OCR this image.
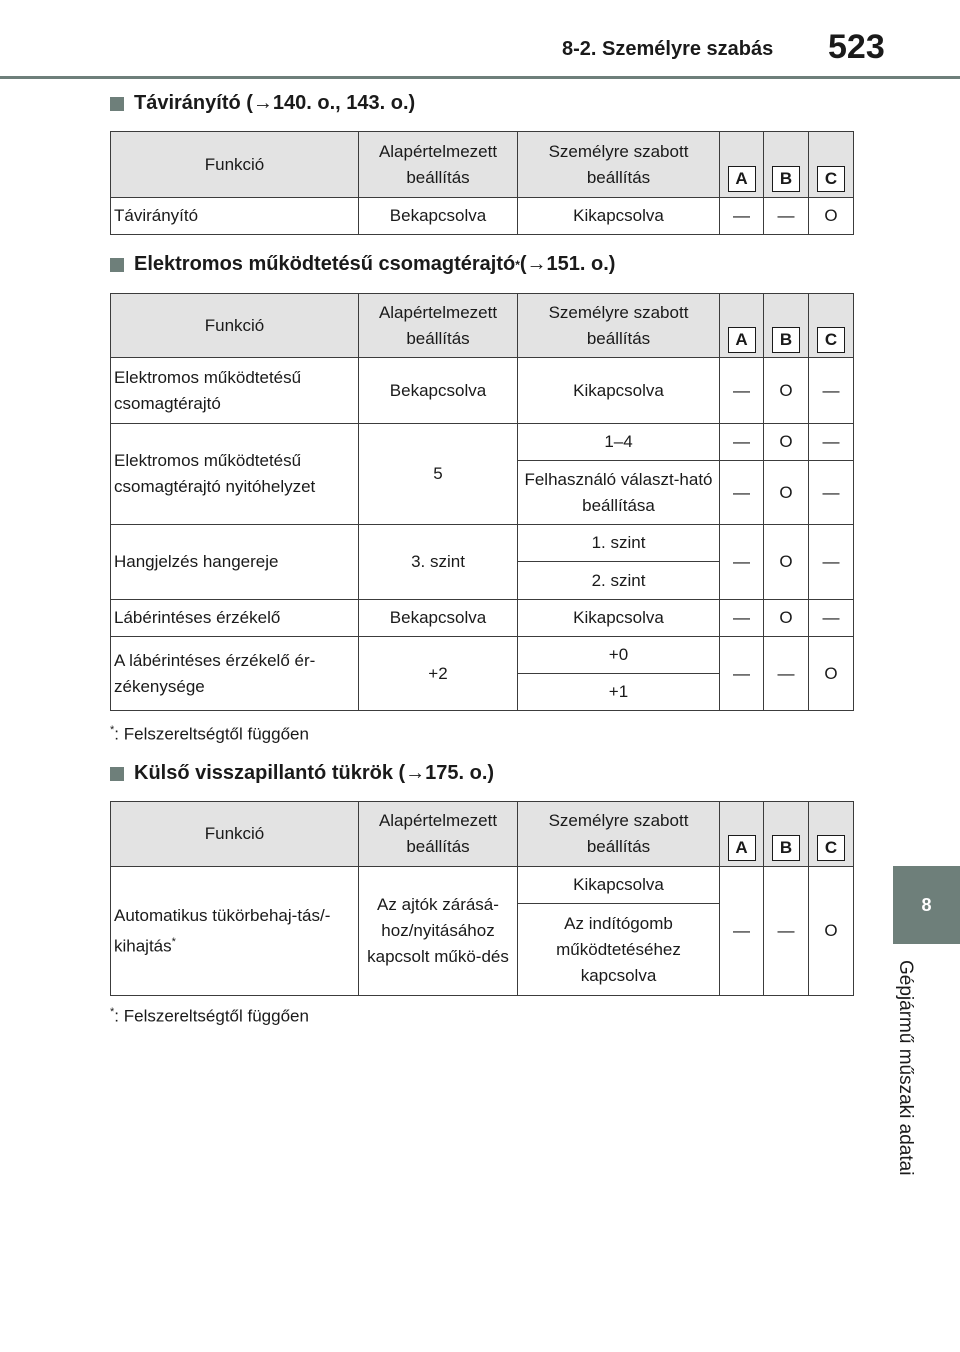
8-2. Személyre szabás 523
8
Gépjármű műszaki adatai
Távirányító (→140. o., 143. o.)
Funkció	Alapértelmezett beállítás	Személyre szabott beállítás	A	B	C
Távirányító	Bekapcsolva	Kikapcsolva	—	—	O
Elektromos működtetésű csomagtérajtó * (→151. o.)
Funkció	Alapértelmezett beállítás	Személyre szabott beállítás	A	B	C
Elektromos működtetésű csomagtérajtó	Bekapcsolva	Kikapcsolva	—	O	—
Elektromos működtetésű csomagtérajtó nyitóhelyzet	5	1–4	—	O	—
		Felhasználó választ-ható beállítása	—	O	—
Hangjelzés hangereje	3. szint	1. szint	—	O	—
		2. szint			
Lábérintéses érzékelő	Bekapcsolva	Kikapcsolva	—	O	—
A lábérintéses érzékelő ér-zékenysége	+2	+0	—	—	O
		+1			
*: Felszereltségtől függően
Külső visszapillantó tükrök (→175. o.)
Funkció	Alapértelmezett beállítás	Személyre szabott beállítás	A	B	C
Automatikus tükörbehaj-tás/-kihajtás*	Az ajtók zárásá-hoz/nyitásához kapcsolt műkö-dés	Kikapcsolva	—	—	O
		Az indítógomb működtetéséhez kapcsolva			
*: Felszereltségtől függően
